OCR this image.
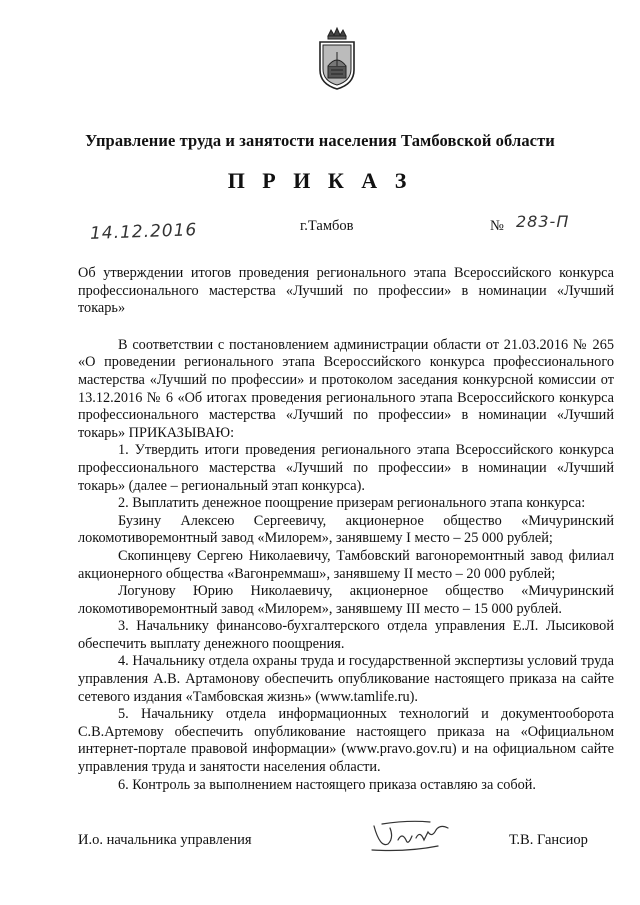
Управление труда и занятости населения Тамбовской области
П Р И К А З
14.12.2016	г.Тамбов	№ 283-П

Об утверждении итогов проведения регионального этапа Всероссийского конкурса профессионального мастерства «Лучший по профессии» в номинации «Лучший токарь»

В соответствии с постановлением администрации области от 21.03.2016 № 265 «О проведении регионального этапа Всероссийского конкурса профессионального мастерства «Лучший по профессии» и протоколом заседания конкурсной комиссии от 13.12.2016 № 6 «Об итогах проведения регионального этапа Всероссийского конкурса профессионального мастерства «Лучший по профессии» в номинации «Лучший токарь» ПРИКАЗЫВАЮ:

1. Утвердить итоги проведения регионального этапа Всероссийского конкурса профессионального мастерства «Лучший по профессии» в номинации «Лучший токарь» (далее – региональный этап конкурса).

2. Выплатить денежное поощрение призерам регионального этапа конкурса:

Бузину Алексею Сергеевичу, акционерное общество «Мичуринский локомотиворемонтный завод «Милорем», занявшему I место – 25 000 рублей;

Скопинцеву Сергею Николаевичу, Тамбовский вагоноремонтный завод филиал акционерного общества «Вагонреммаш», занявшему II место – 20 000 рублей;

Логунову Юрию Николаевичу, акционерное общество «Мичуринский локомотиворемонтный завод «Милорем», занявшему III место – 15 000 рублей.

3. Начальнику финансово-бухгалтерского отдела управления Е.Л. Лысиковой обеспечить выплату денежного поощрения.

4. Начальнику отдела охраны труда и государственной экспертизы условий труда управления А.В. Артамонову обеспечить опубликование настоящего приказа на сайте сетевого издания «Тамбовская жизнь» (www.tamlife.ru).

5. Начальнику отдела информационных технологий и документооборота С.В.Артемову обеспечить опубликование настоящего приказа на «Официальном интернет-портале правовой информации» (www.pravo.gov.ru) и на официальном сайте управления труда и занятости населения области.

6. Контроль за выполнением настоящего приказа оставляю за собой.

И.о. начальника управления	Т.В. Гансиор
